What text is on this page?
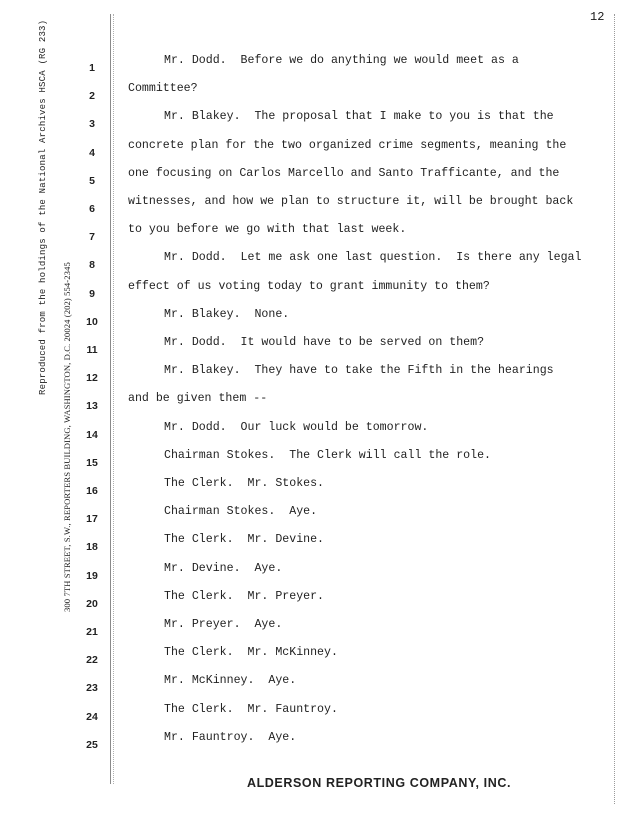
12
Reproduced from the holdings of the National Archives HSCA (RG 233)
300 7TH STREET, S.W., REPORTERS BUILDING, WASHINGTON, D.C. 20024 (202) 554-2345
1
2
3
4
5
6
7
8
9
10
11
12
13
14
15
16
17
18
19
20
21
22
23
24
25
Mr. Dodd.  Before we do anything we would meet as a
Committee?
Mr. Blakey.  The proposal that I make to you is that the
concrete plan for the two organized crime segments, meaning the
one focusing on Carlos Marcello and Santo Trafficante, and the
witnesses, and how we plan to structure it, will be brought back
to you before we go with that last week.
Mr. Dodd.  Let me ask one last question.  Is there any legal
effect of us voting today to grant immunity to them?
Mr. Blakey.  None.
Mr. Dodd.  It would have to be served on them?
Mr. Blakey.  They have to take the Fifth in the hearings
and be given them --
Mr. Dodd.  Our luck would be tomorrow.
Chairman Stokes.  The Clerk will call the role.
The Clerk.  Mr. Stokes.
Chairman Stokes.  Aye.
The Clerk.  Mr. Devine.
Mr. Devine.  Aye.
The Clerk.  Mr. Preyer.
Mr. Preyer.  Aye.
The Clerk.  Mr. McKinney.
Mr. McKinney.  Aye.
The Clerk.  Mr. Fauntroy.
Mr. Fauntroy.  Aye.
ALDERSON REPORTING COMPANY, INC.
